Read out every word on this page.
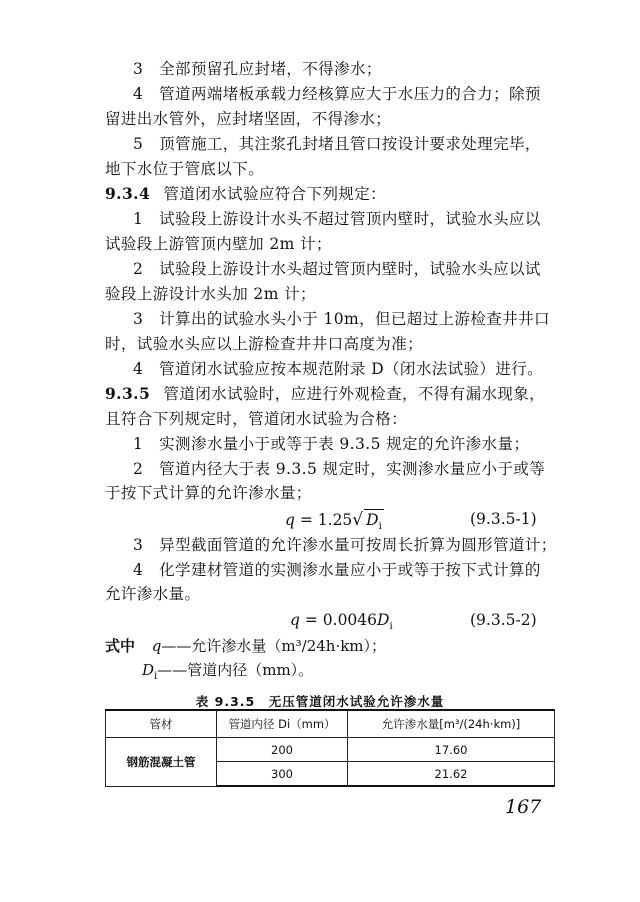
3　全部预留孔应封堵，不得渗水；
4　管道两端堵板承载力经核算应大于水压力的合力；除预
留进出水管外，应封堵坚固，不得渗水；
5　顶管施工，其注浆孔封堵且管口按设计要求处理完毕，
地下水位于管底以下。
9.3.4 管道闭水试验应符合下列规定：
1　试验段上游设计水头不超过管顶内壁时，试验水头应以
试验段上游管顶内壁加 2m 计；
2　试验段上游设计水头超过管顶内壁时，试验水头应以试
验段上游设计水头加 2m 计；
3　计算出的试验水头小于 10m，但已超过上游检查井井口
时，试验水头应以上游检查井井口高度为准；
4　管道闭水试验应按本规范附录 D（闭水法试验）进行。
9.3.5 管道闭水试验时，应进行外观检查，不得有漏水现象，
且符合下列规定时，管道闭水试验为合格：
1　实测渗水量小于或等于表 9.3.5 规定的允许渗水量；
2　管道内径大于表 9.3.5 规定时，实测渗水量应小于或等
于按下式计算的允许渗水量；
q = 1.25√ $D_i$	(9.3.5-1)
3　异型截面管道的允许渗水量可按周长折算为圆形管道计；
4　化学建材管道的实测渗水量应小于或等于按下式计算的
允许渗水量。
$q = 0.0046D_i$	(9.3.5-2)
式中 q——允许渗水量（m³/24h·km）；
表 9.3.5　无压管道闭水试验允许渗水量
管材	管道内径 Di（mm）	允许渗水量[m³/(24h·km)]
钢筋混凝土管	200	17.60
	300	21.62
167
$D_i——$管道内径（mm）。
